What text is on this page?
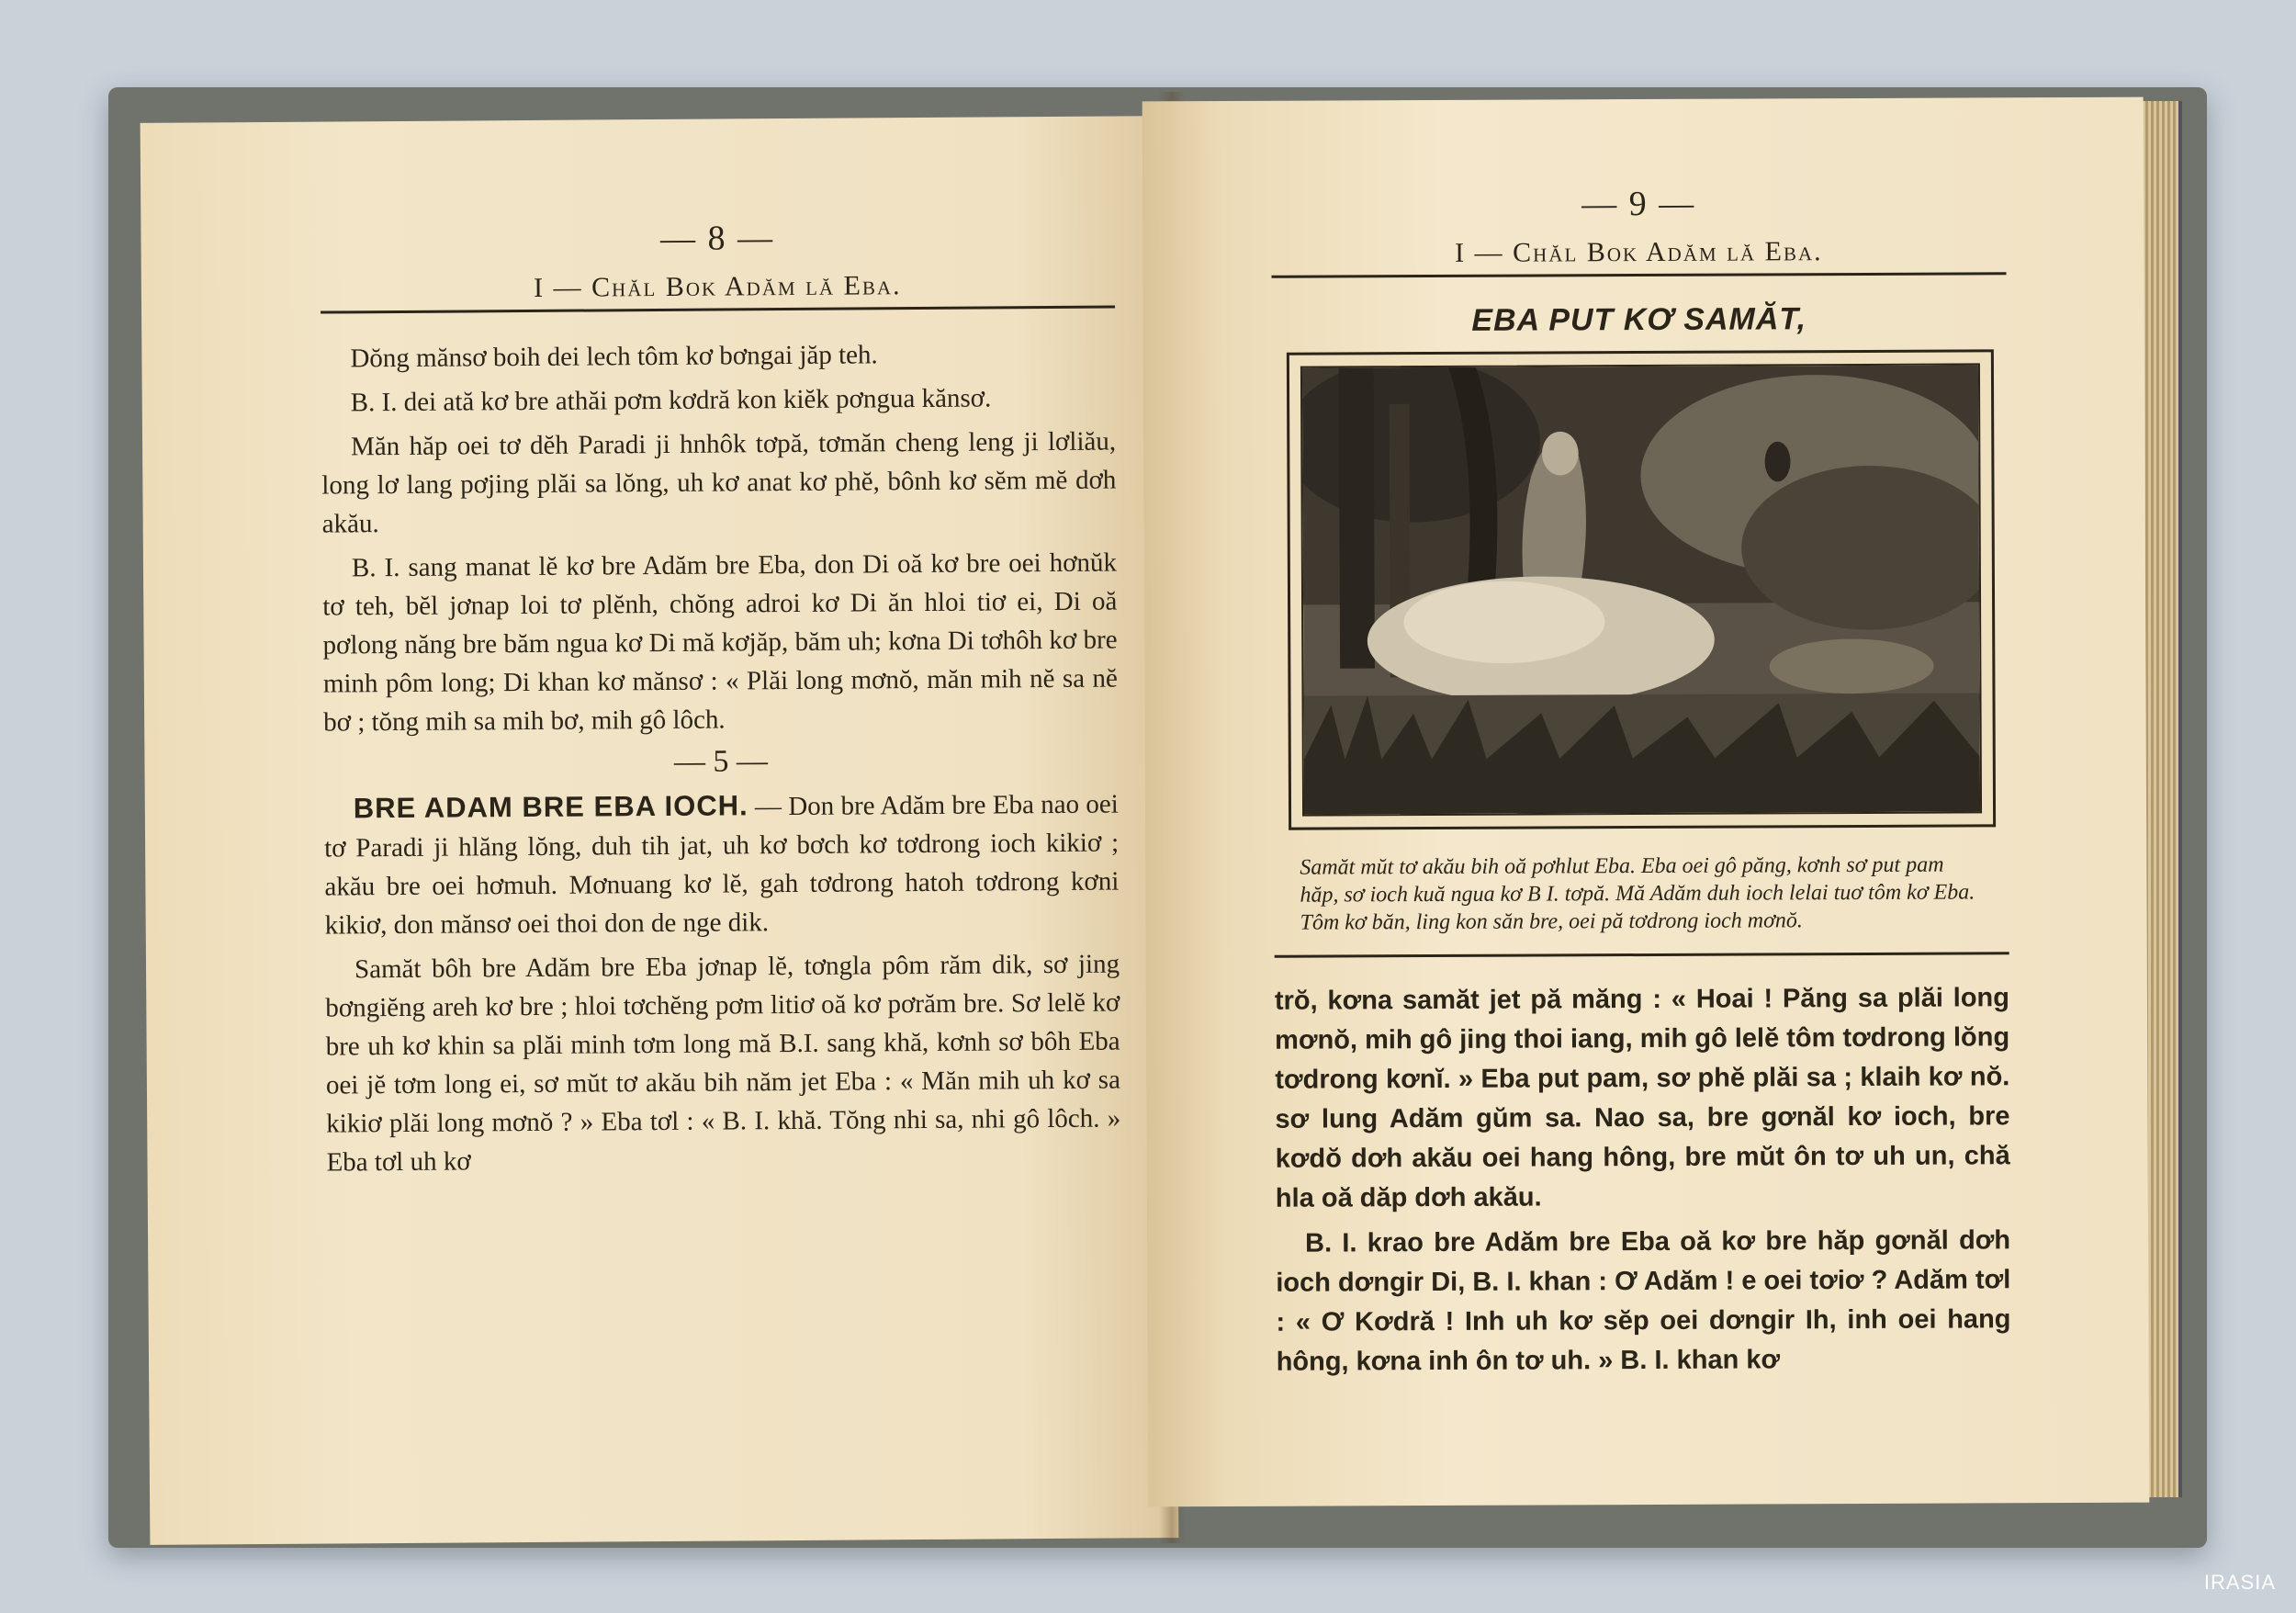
— 8 —
I — Chăl Bok Adăm lă Eba.

Dŏng mănsơ boih dei lech tôm kơ bơngai jăp teh.

B. I. dei ată kơ bre athăi pơm kơdră kon kiĕk pơngua kănsơ.

Măn hăp oei tơ dĕh Paradi ji hnhôk tơpă, tơmăn cheng leng ji lơliău, long lơ lang pơjing plăi sa lŏng, uh kơ anat kơ phĕ, bônh kơ sĕm mĕ dơh akău.

B. I. sang manat lĕ kơ bre Adăm bre Eba, don Di oă kơ bre oei hơnŭk tơ teh, bĕl jơnap loi tơ plĕnh, chŏng adroi kơ Di ăn hloi tiơ ei, Di oă pơlong năng bre băm ngua kơ Di mă kơjăp, băm uh; kơna Di tơhôh kơ bre minh pôm long; Di khan kơ mănsơ : « Plăi long mơnŏ, măn mih nĕ sa nĕ bơ ; tŏng mih sa mih bơ, mih gô lôch.

— 5 —

BRE ADAM BRE EBA IOCH. — Don bre Adăm bre Eba nao oei tơ Paradi ji hlăng lŏng, duh tih jat, uh kơ bơch kơ tơdrong ioch kikiơ ; akău bre oei hơmuh. Mơnuang kơ lĕ, gah tơdrong hatoh tơdrong kơni kikiơ, don mănsơ oei thoi don de nge dik.

Samăt bôh bre Adăm bre Eba jơnap lĕ, tơngla pôm răm dik, sơ jing bơngiĕng areh kơ bre ; hloi tơchĕng pơm litiơ oă kơ pơrăm bre. Sơ lelĕ kơ bre uh kơ khin sa plăi minh tơm long mă B.I. sang khă, kơnh sơ bôh Eba oei jĕ tơm long ei, sơ mŭt tơ akău bih năm jet Eba : « Măn mih uh kơ sa kikiơ plăi long mơnŏ ? » Eba tơl : « B. I. khă. Tŏng nhi sa, nhi gô lôch. » Eba tơl uh kơ

— 9 —
I — Chăl Bok Adăm lă Eba.
EBA PUT KƠ SAMĂT,
Samăt mŭt tơ akău bih oă pơhlut Eba. Eba oei gô păng, kơnh sơ put pam hăp, sơ ioch kuă ngua kơ B I. tơpă. Mă Adăm duh ioch lelai tuơ tôm kơ Eba. Tôm kơ băn, ling kon săn bre, oei pă tơdrong ioch mơnŏ.

trŏ, kơna samăt jet pă măng : « Hoai ! Păng sa plăi long mơnŏ, mih gô jing thoi iang, mih gô lelĕ tôm tơdrong lŏng tơdrong kơnĭ. » Eba put pam, sơ phĕ plăi sa ; klaih kơ nŏ. sơ lung Adăm gŭm sa. Nao sa, bre gơnăl kơ ioch, bre kơdŏ dơh akău oei hang hông, bre mŭt ôn tơ uh un, chă hla oă dăp dơh akău.

B. I. krao bre Adăm bre Eba oă kơ bre hăp gơnăl dơh ioch dơngir Di, B. I. khan : Ơ Adăm ! e oei tơiơ ? Adăm tơl : « Ơ Kơdră ! Inh uh kơ sĕp oei dơngir Ih, inh oei hang hông, kơna inh ôn tơ uh. » B. I. khan kơ

IRASIA
